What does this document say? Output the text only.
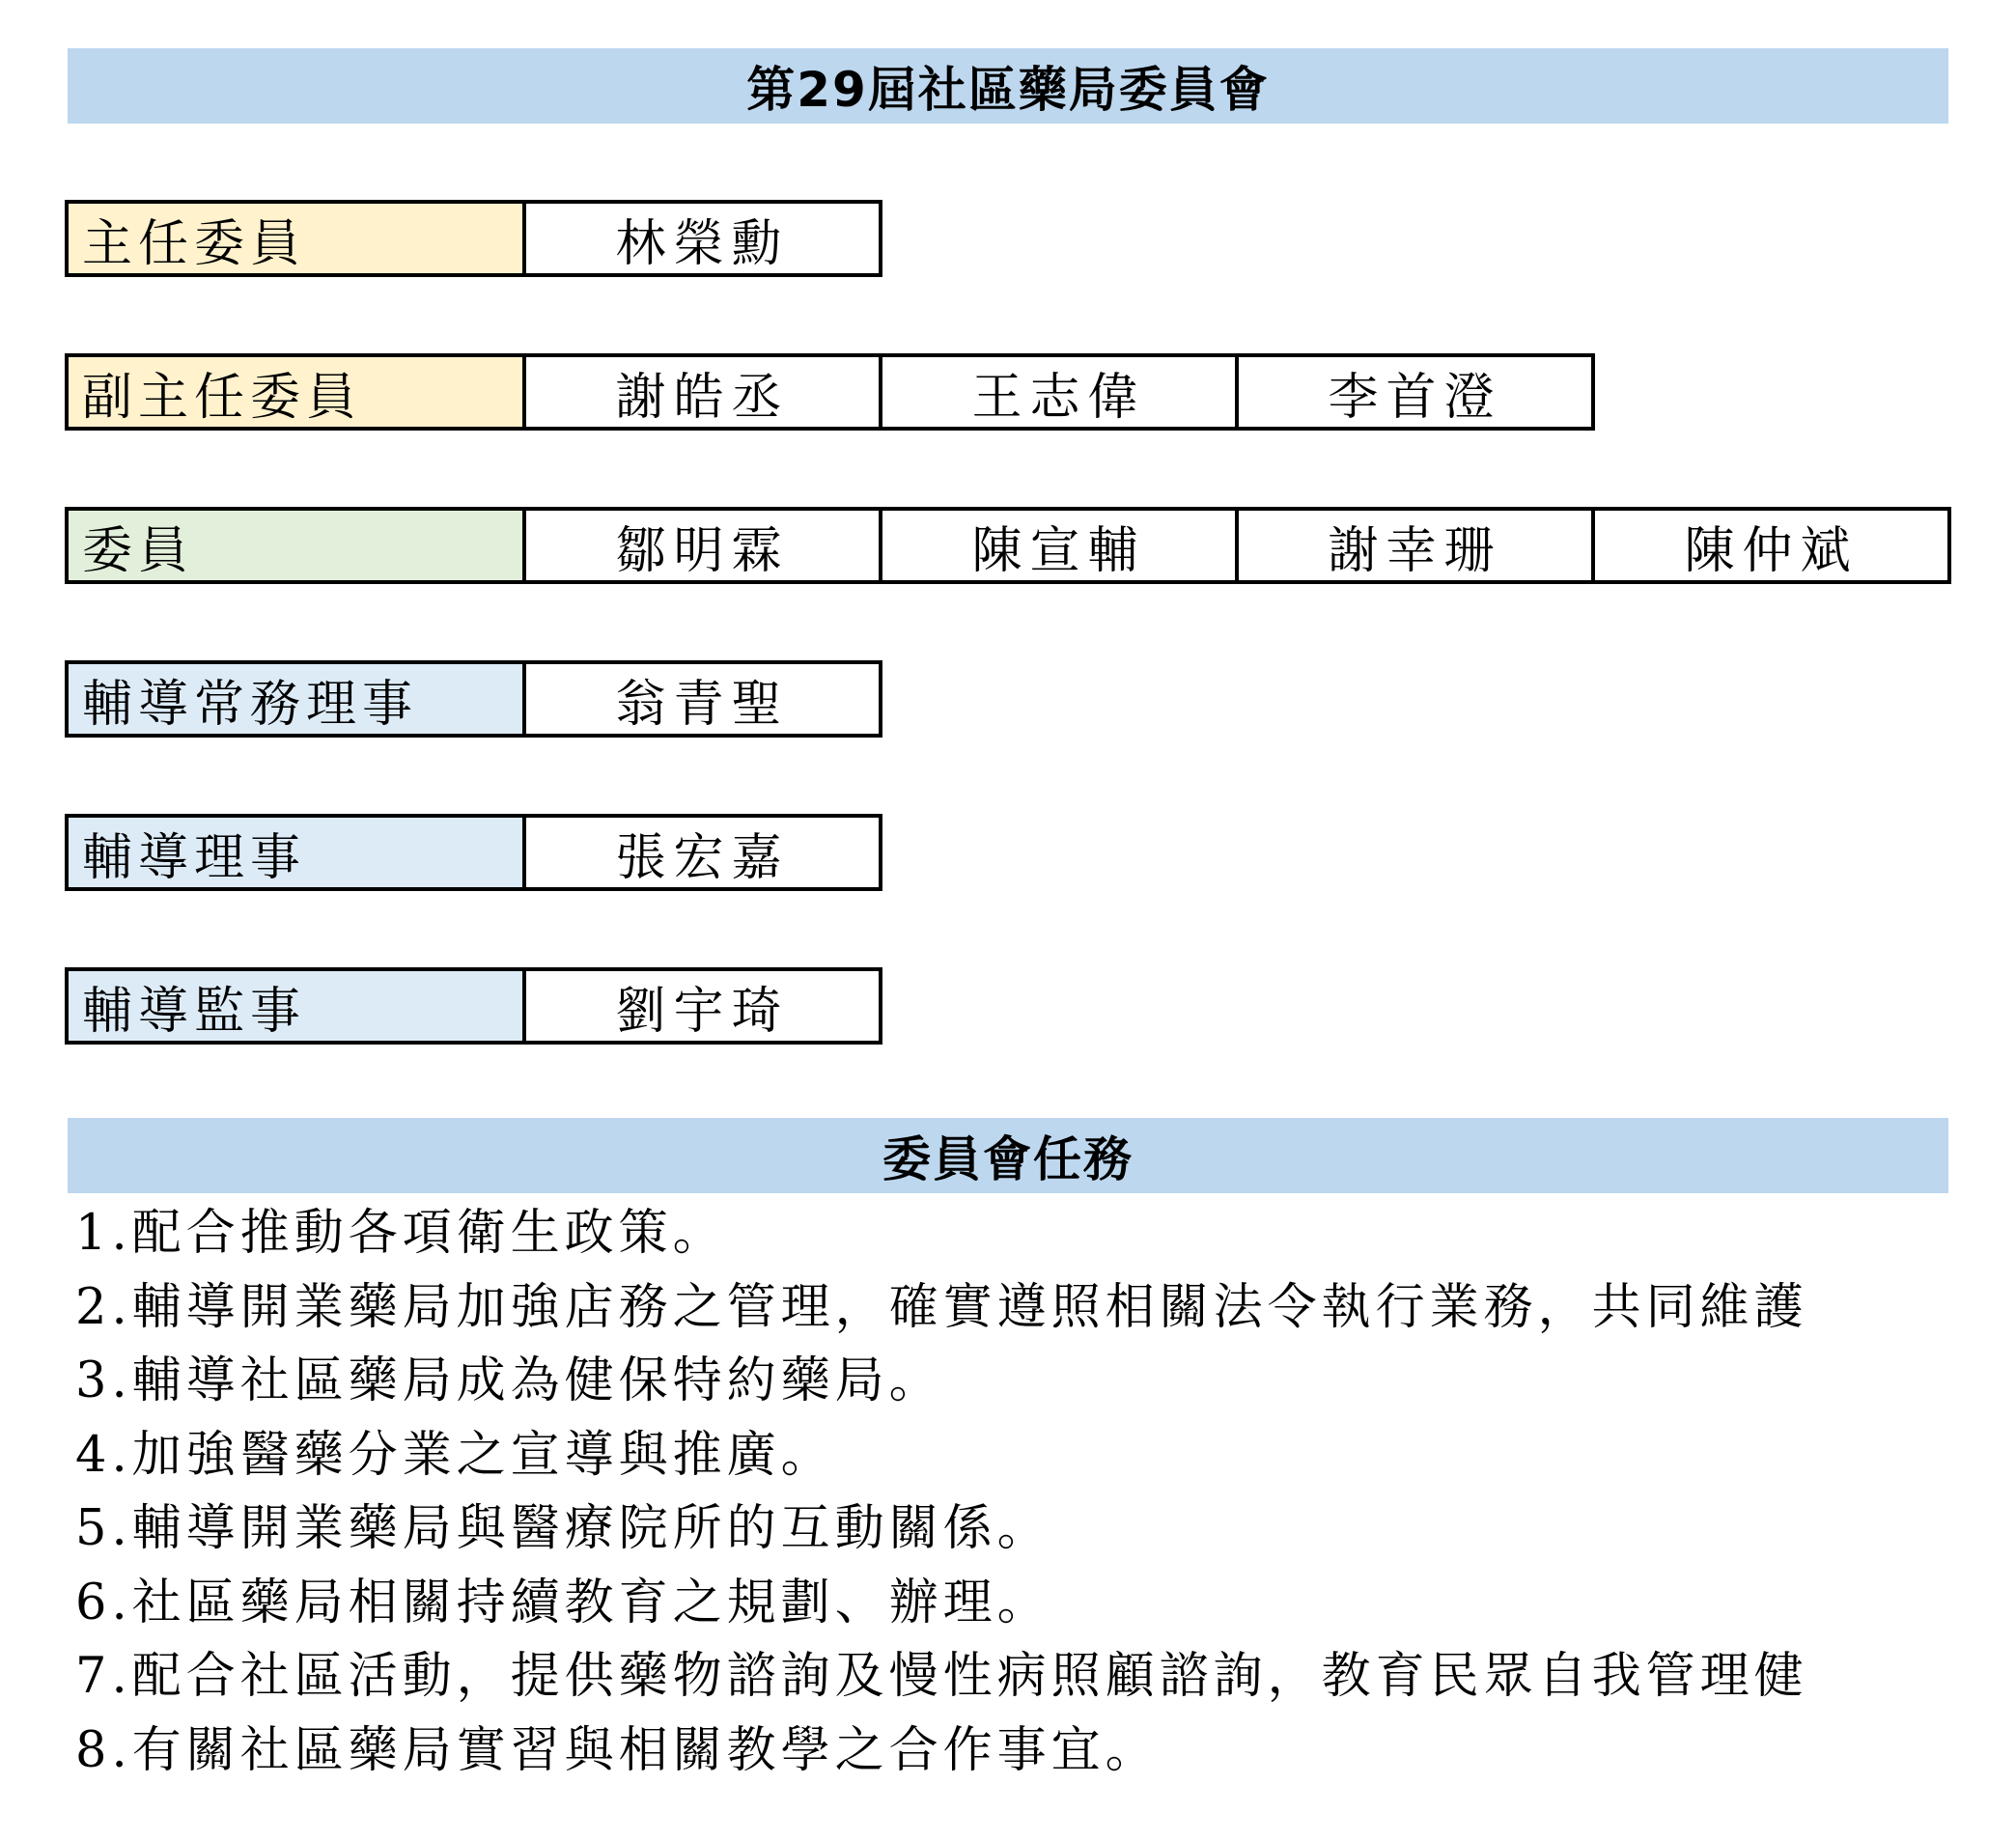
第29屆社區藥局委員會
主任委員	林榮勳
副主任委員	謝皓丞	王志偉	李首澄
委員	鄒明霖	陳宣輔	謝幸珊	陳仲斌
輔導常務理事	翁青聖
輔導理事	張宏嘉
輔導監事	劉宇琦
委員會任務
1.配合推動各項衛生政策。
2.輔導開業藥局加強店務之管理，確實遵照相關法令執行業務，共同維護
3.輔導社區藥局成為健保特約藥局。
4.加強醫藥分業之宣導與推廣。
5.輔導開業藥局與醫療院所的互動關係。
6.社區藥局相關持續教育之規劃、辦理。
7.配合社區活動，提供藥物諮詢及慢性病照顧諮詢，教育民眾自我管理健
8.有關社區藥局實習與相關教學之合作事宜。
